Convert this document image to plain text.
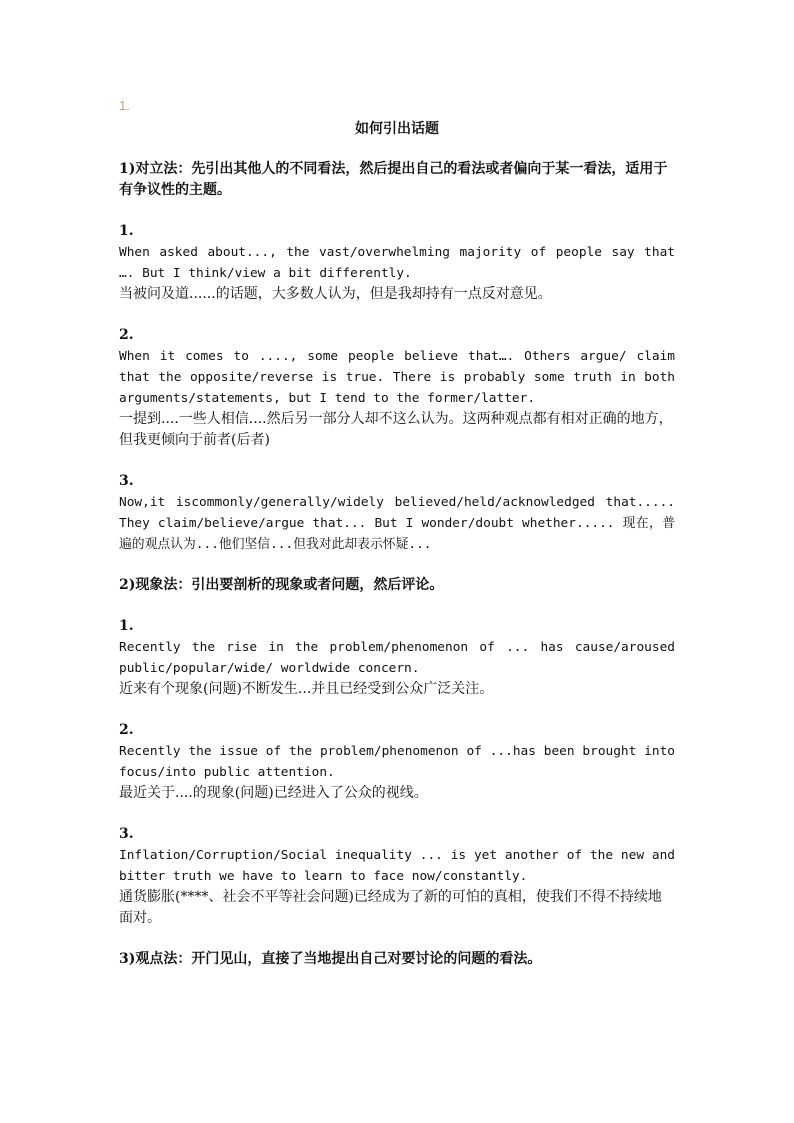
1.
如何引出话题

1)对立法：先引出其他人的不同看法，然后提出自己的看法或者偏向于某一看法，适用于有争议性的主题。

1.

When asked about..., the vast/overwhelming majority of people say that …. But I think/view a bit differently.

当被问及道......的话题，大多数人认为，但是我却持有一点反对意见。

2.

When it comes to ...., some people believe that…. Others argue/ claim that the opposite/reverse is true. There is probably some truth in both arguments/statements, but I tend to the former/latter.

一提到....一些人相信....然后另一部分人却不这么认为。这两种观点都有相对正确的地方，但我更倾向于前者(后者)

3.

Now,it iscommonly/generally/widely believed/held/acknowledged that..... They claim/believe/argue that... But I wonder/doubt whether..... 现在，普遍的观点认为...他们坚信...但我对此却表示怀疑...

2)现象法：引出要剖析的现象或者问题，然后评论。

1.

Recently the rise in the problem/phenomenon of ... has cause/aroused public/popular/wide/ worldwide concern.

近来有个现象(问题)不断发生...并且已经受到公众广泛关注。

2.

Recently the issue of the problem/phenomenon of ...has been brought into focus/into public attention.

最近关于....的现象(问题)已经进入了公众的视线。

3.

Inflation/Corruption/Social inequality ... is yet another of the new and bitter truth we have to learn to face now/constantly.

通货膨胀(****、社会不平等社会问题)已经成为了新的可怕的真相，使我们不得不持续地面对。

3)观点法：开门见山，直接了当地提出自己对要讨论的问题的看法。
